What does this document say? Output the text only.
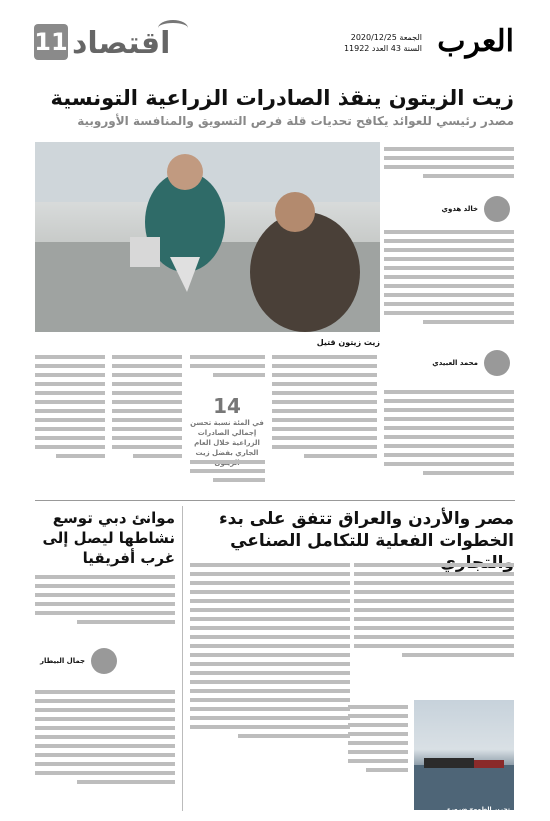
11 اقتصاد	الجمعة 2020/12/25
السنة 43 العدد 11922 العرب
زيت الزيتون ينقذ الصادرات الزراعية التونسية
مصدر رئيسي للعوائد يكافح تحديات قلة فرص التسويق والمنافسة الأوروبية
خالد هدوي
محمد العبيدي
زيت زيتون قتيل
14
في المئة نسبة تحسن إجمالي الصادرات الزراعية خلال العام الجاري بفضل زيت
مصر والأردن والعراق تتفق على بدء الخطوات الفعلية للتكامل الصناعي
موانئ دبي توسع نشاطها ليصل إلى غرب أفريقيا
تحرير الطموح ضروري
جمال البيطار
